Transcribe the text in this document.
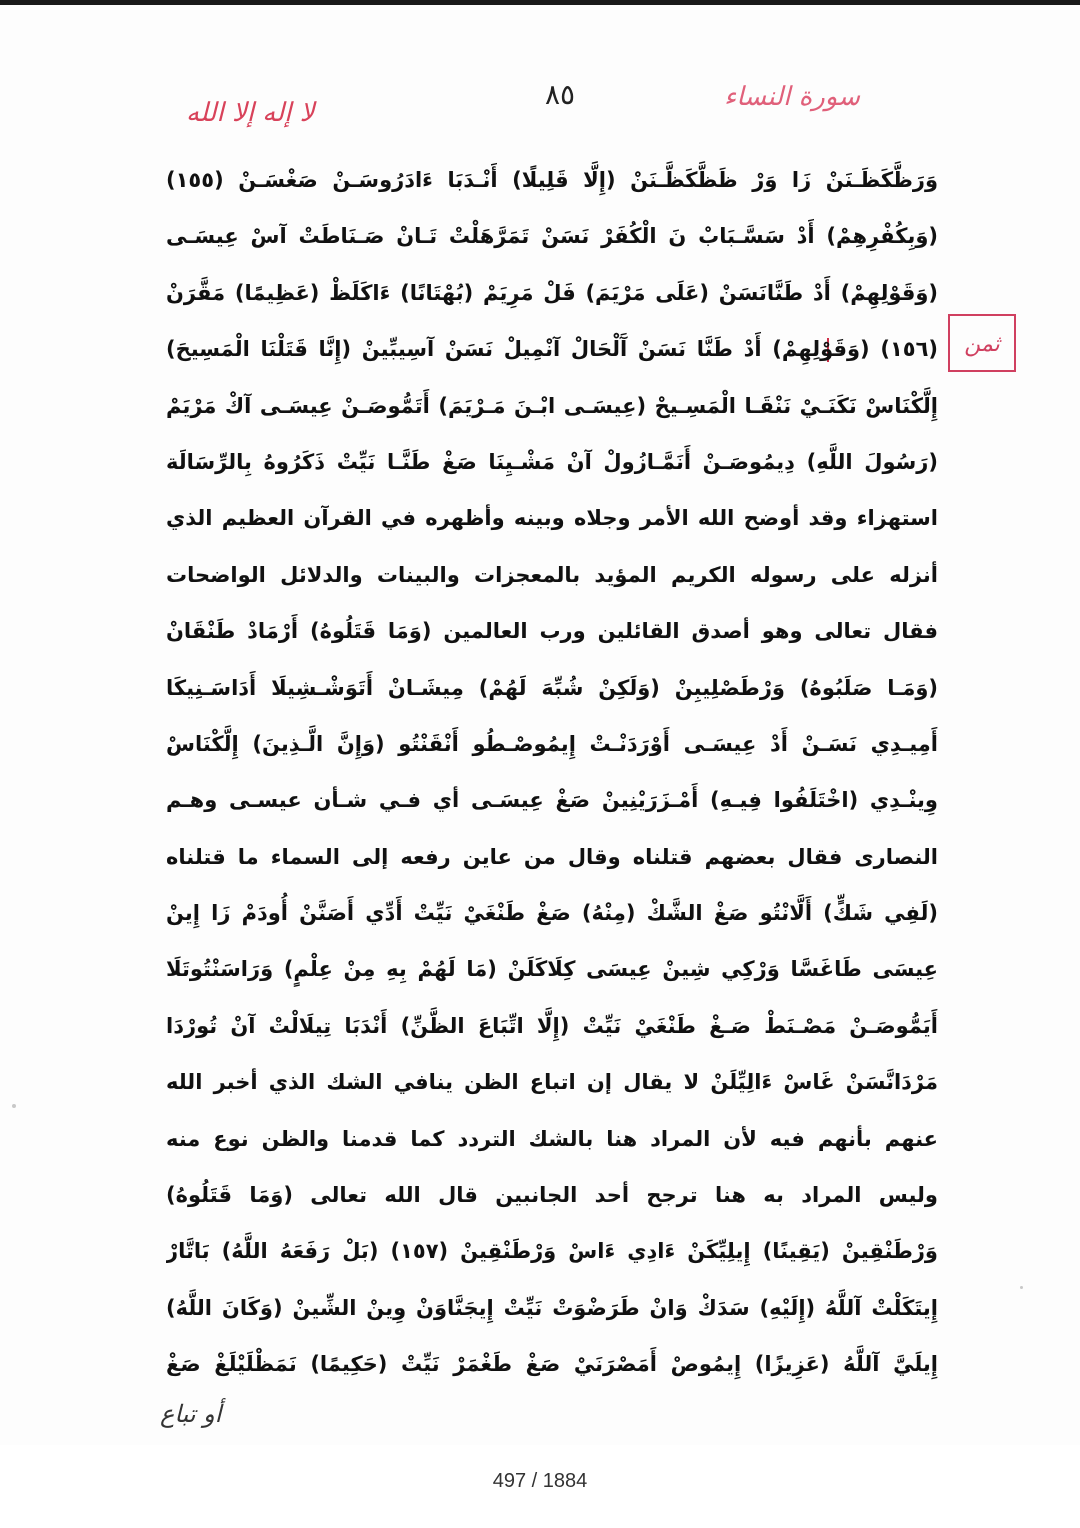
لا إله إلا الله
٨٥	سورة النساء
ثمن
وَرَظَّكَظَـنَنْ زَا وَرْ ظَظَّكَظَّـنَنْ (إِلَّا قَلِيلًا) أَنْـدَبَا ءَادَرُوسَـنْ صَغْسَـنْ (١٥٥)
(وَبِكُفْرِهِمْ) أَدْ سَسَّـبَابْ نَ الْكُفَرْ نَسَنْ تَمَرَّهَلْتْ تَـانْ صَـنَاطَتْ آسْ عِيسَـى
(وَقَوْلِهِمْ) أَدْ طَنَّانَسَنْ (عَلَى مَرْيَمَ) فَلْ مَرِيَمْ (بُهْتَانًا) ءَاكَلَظْ (عَظِيمًا) مَقَّرَنْ
(١٥٦) (وَقَوْلِهِمْ) أَدْ طَنَّا نَسَنْ آَلْحَالْ آنْمِيلْ نَسَنْ آسِيبِّينْ (إِنَّا قَتَلْنَا الْمَسِيحَ)
إِلَّكْنَاسْ نَكَنَـيْ نَنْقَـا الْمَسِـيحْ (عِيسَـى ابْـنَ مَـرْيَمَ) أَتَمُّوصَـنْ عِيسَـى آكْ مَرْيَمْ
(رَسُولَ اللَّهِ) دِيمُوصَـنْ أَنَمَّـازُولْ آنْ مَشْـيِنَا صَغْ طَنَّـا نَيِّتْ ذَكَرُوهُ بِالرِّسَالَة
استهزاء وقد أوضح الله الأمر وجلاه وبينه وأظهره في القرآن العظيم الذي
أنزله على رسوله الكريم المؤيد بالمعجزات والبينات والدلائل الواضحات
فقال تعالى وهو أصدق القائلين ورب العالمين (وَمَا قَتَلُوهُ) أَرْمَادْ طَنْقَانْ
(وَمَـا صَلَبُوهُ) وَرْطَصْلِيبِنْ (وَلَكِنْ شُبِّهَ لَهُمْ) مِيشَـانْ أَتَوَشْـشِيلَا أَدَاسَـنِيكَا
أَمِيـدِي نَسَـنْ أَدْ عِيسَـى أَوْرَدَنْـتْ إِيمُوصْـطُو أَنْقَنْتُو (وَإِنَّ الَّـذِينَ) إِلَّكْنَاسْ
وِينْـدِي (اخْتَلَفُوا فِيـهِ) أَمْـزَرَيْنِينْ صَغْ عِيسَـى أي فـي شـأن عيسـى وهـم
النصارى فقال بعضهم قتلناه وقال من عاين رفعه إلى السماء ما قتلناه
(لَفِي شَكٍّ) أَلَّانْتُو صَغْ الشَّكْ (مِنْهُ) صَغْ طَنْغَيْ نَيِّتْ أَدِّي أَصَنَّنْ أُودَمْ زَا إِينْ
عِيسَى طَاغَسَّا وَرْكِي شِينْ عِيسَى كِلَاكَلَنْ (مَا لَهُمْ بِهِ مِنْ عِلْمٍ) وَرَاسَنْتُوتَلَا
أَيَمُّوصَـنْ مَصْـنَطْ صَـغْ طَنْغَيْ نَيِّتْ (إِلَّا اتِّبَاعَ الظَّنِّ) أَنْدَبَا تِيلَالْتْ آنْ تُورْدَا
مَرْدَانَّسَنْ غَاسْ ءَالِيِّلَنْ لا يقال إن اتباع الظن ينافي الشك الذي أخبر الله
عنهم بأنهم فيه لأن المراد هنا بالشك التردد كما قدمنا والظن نوع منه
وليس المراد به هنا ترجح أحد الجانبين قال الله تعالى (وَمَا قَتَلُوهُ)
وَرْطَنْقِينْ (يَقِينًا) إِيلِيِّكَنْ ءَادِي ءَاسْ وَرْطَنْقِينْ (١٥٧) (بَلْ رَفَعَهُ اللَّهُ) بَاتَّارْ
إِيتَكَلْتْ آللَّهُ (إِلَيْهِ) سَدَكْ وَانْ طَرَضْوَتْ نَيِّتْ إِيجَنَّاوَنْ وِينْ الشِّينْ (وَكَانَ اللَّهُ)
إِيلَيَّ آللَّهُ (عَزِيزًا) إِيمُوصْ أَمَصْرَنَيْ صَغْ طَغْمَرْ نَيِّتْ (حَكِيمًا) نَمَظْلَيْلَغْ صَغْ
أو تباع
497 / 1884
